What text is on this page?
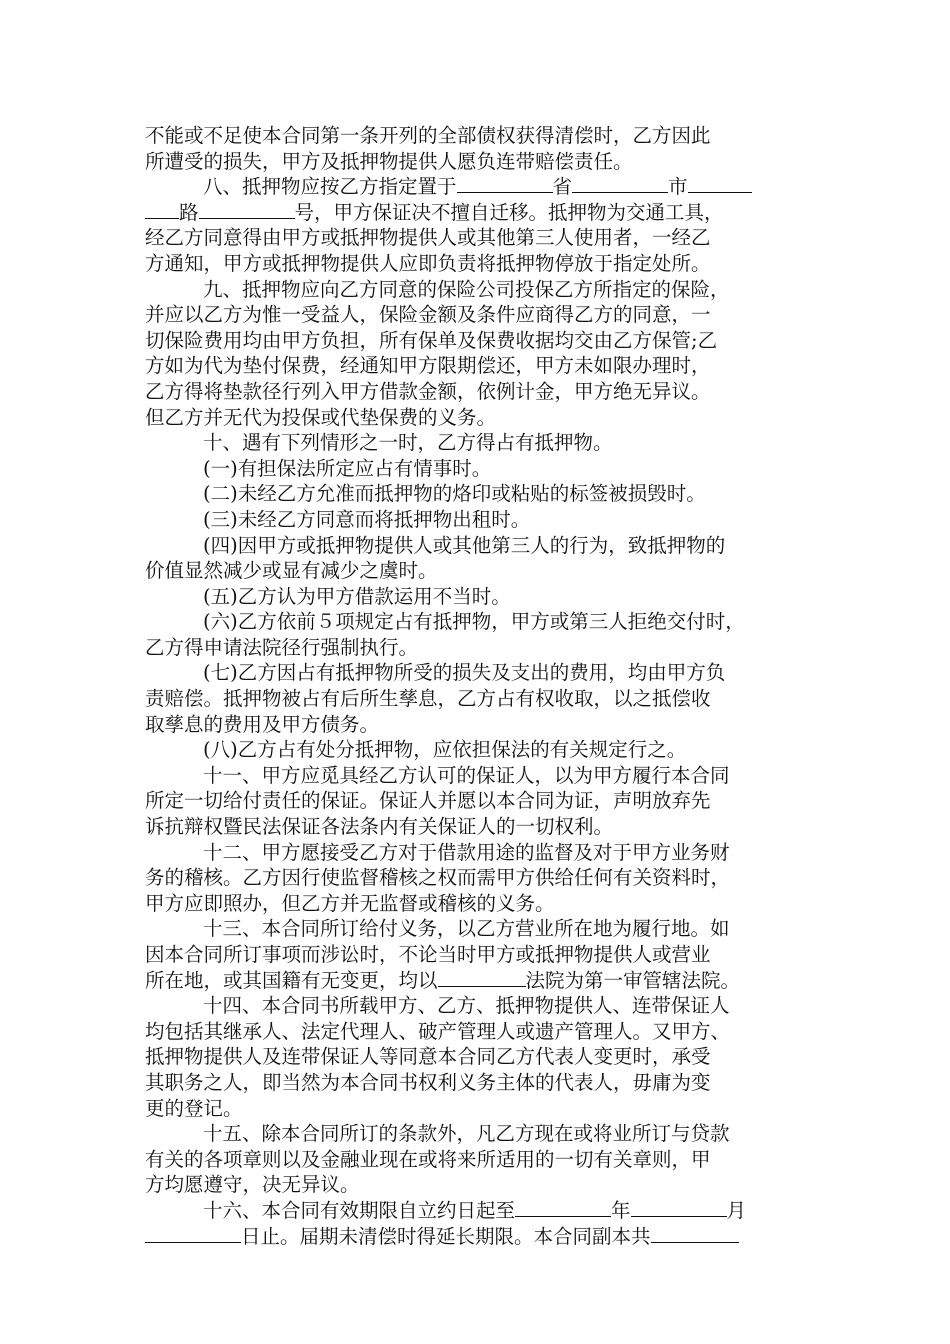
不能或不足使本合同第一条开列的全部债权获得清偿时，乙方因此
所遭受的损失，甲方及抵押物提供人愿负连带赔偿责任。
八、抵押物应按乙方指定置于	省	市
路	号，甲方保证决不擅自迁移。抵押物为交通工具，
经乙方同意得由甲方或抵押物提供人或其他第三人使用者，一经乙
方通知，甲方或抵押物提供人应即负责将抵押物停放于指定处所。
九、抵押物应向乙方同意的保险公司投保乙方所指定的保险，
并应以乙方为惟一受益人，保险金额及条件应商得乙方的同意，一
切保险费用均由甲方负担，所有保单及保费收据均交由乙方保管;乙
方如为代为垫付保费，经通知甲方限期偿还，甲方未如限办理时，
乙方得将垫款径行列入甲方借款金额，依例计金，甲方绝无异议。
但乙方并无代为投保或代垫保费的义务。
十、遇有下列情形之一时，乙方得占有抵押物。
(一)有担保法所定应占有情事时。
(二)未经乙方允准而抵押物的烙印或粘贴的标签被损毁时。
(三)未经乙方同意而将抵押物出租时。
(四)因甲方或抵押物提供人或其他第三人的行为，致抵押物的
价值显然减少或显有减少之虞时。
(五)乙方认为甲方借款运用不当时。
(六)乙方依前５项规定占有抵押物，甲方或第三人拒绝交付时，
乙方得申请法院径行强制执行。
(七)乙方因占有抵押物所受的损失及支出的费用，均由甲方负
责赔偿。抵押物被占有后所生孳息，乙方占有权收取，以之抵偿收
取孳息的费用及甲方债务。
(八)乙方占有处分抵押物，应依担保法的有关规定行之。
十一、甲方应觅具经乙方认可的保证人，以为甲方履行本合同
所定一切给付责任的保证。保证人并愿以本合同为证，声明放弃先
诉抗辩权暨民法保证各法条内有关保证人的一切权利。
十二、甲方愿接受乙方对于借款用途的监督及对于甲方业务财
务的稽核。乙方因行使监督稽核之权而需甲方供给任何有关资料时，
甲方应即照办，但乙方并无监督或稽核的义务。
十三、本合同所订给付义务，以乙方营业所在地为履行地。如
因本合同所订事项而涉讼时，不论当时甲方或抵押物提供人或营业
所在地，或其国籍有无变更，均以	法院为第一审管辖法院。
十四、本合同书所载甲方、乙方、抵押物提供人、连带保证人
均包括其继承人、法定代理人、破产管理人或遗产管理人。又甲方、
抵押物提供人及连带保证人等同意本合同乙方代表人变更时，承受
其职务之人，即当然为本合同书权利义务主体的代表人，毋庸为变
更的登记。
十五、除本合同所订的条款外，凡乙方现在或将业所订与贷款
有关的各项章则以及金融业现在或将来所适用的一切有关章则，甲
方均愿遵守，决无异议。
十六、本合同有效期限自立约日起至	年	月
日止。届期未清偿时得延长期限。本合同副本共
